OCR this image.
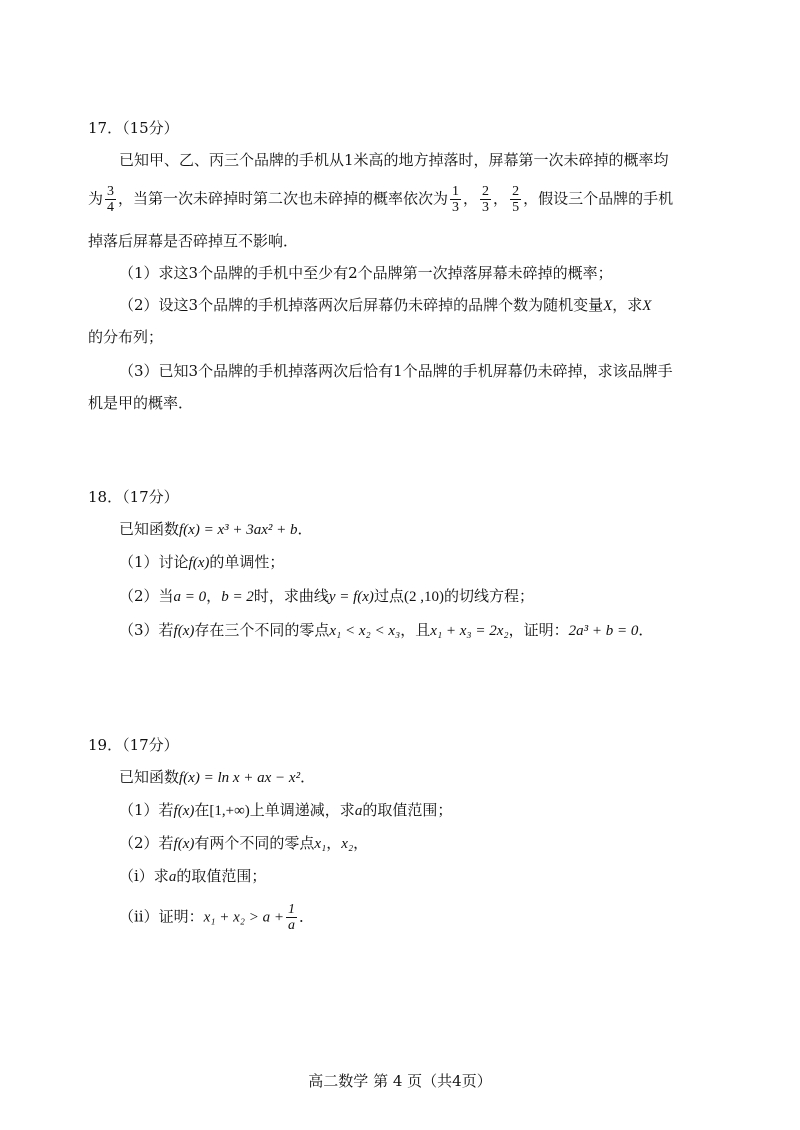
17．（15分）
已知甲、乙、丙三个品牌的手机从1米高的地方掉落时，屏幕第一次未碎掉的概率均
为 $\frac{3}{4}$ ，当第一次未碎掉时第二次也未碎掉的概率依次为 $\frac{1}{3}$ ， $\frac{2}{3}$ ， $\frac{2}{5}$ ，假设三个品牌的手机
掉落后屏幕是否碎掉互不影响．
（1）求这3个品牌的手机中至少有2个品牌第一次掉落屏幕未碎掉的概率；
（2）设这3个品牌的手机掉落两次后屏幕仍未碎掉的品牌个数为随机变量X，求X
的分布列；
（3）已知3个品牌的手机掉落两次后恰有1个品牌的手机屏幕仍未碎掉，求该品牌手
机是甲的概率．
18．（17分）
已知函数f(x) = x³ + 3ax² + b．
（1）讨论f(x)的单调性；
（2）当a = 0，b = 2时，求曲线y = f(x)过点(2 ,10)的切线方程；
（3）若f(x)存在三个不同的零点x₁ < x₂ < x₃，且x₁ + x₃ = 2x₂，证明：2a³ + b = 0．
19．（17分）
已知函数f(x) = ln x + ax − x²．
（1）若f(x)在[1,+∞)上单调递减，求a的取值范围；
（2）若f(x)有两个不同的零点x₁，x₂，
（i）求a的取值范围；
（ii）证明：$x_1 + x_2 > a + \frac{1}{a}$ ．
高二数学 第 4 页（共4页）
